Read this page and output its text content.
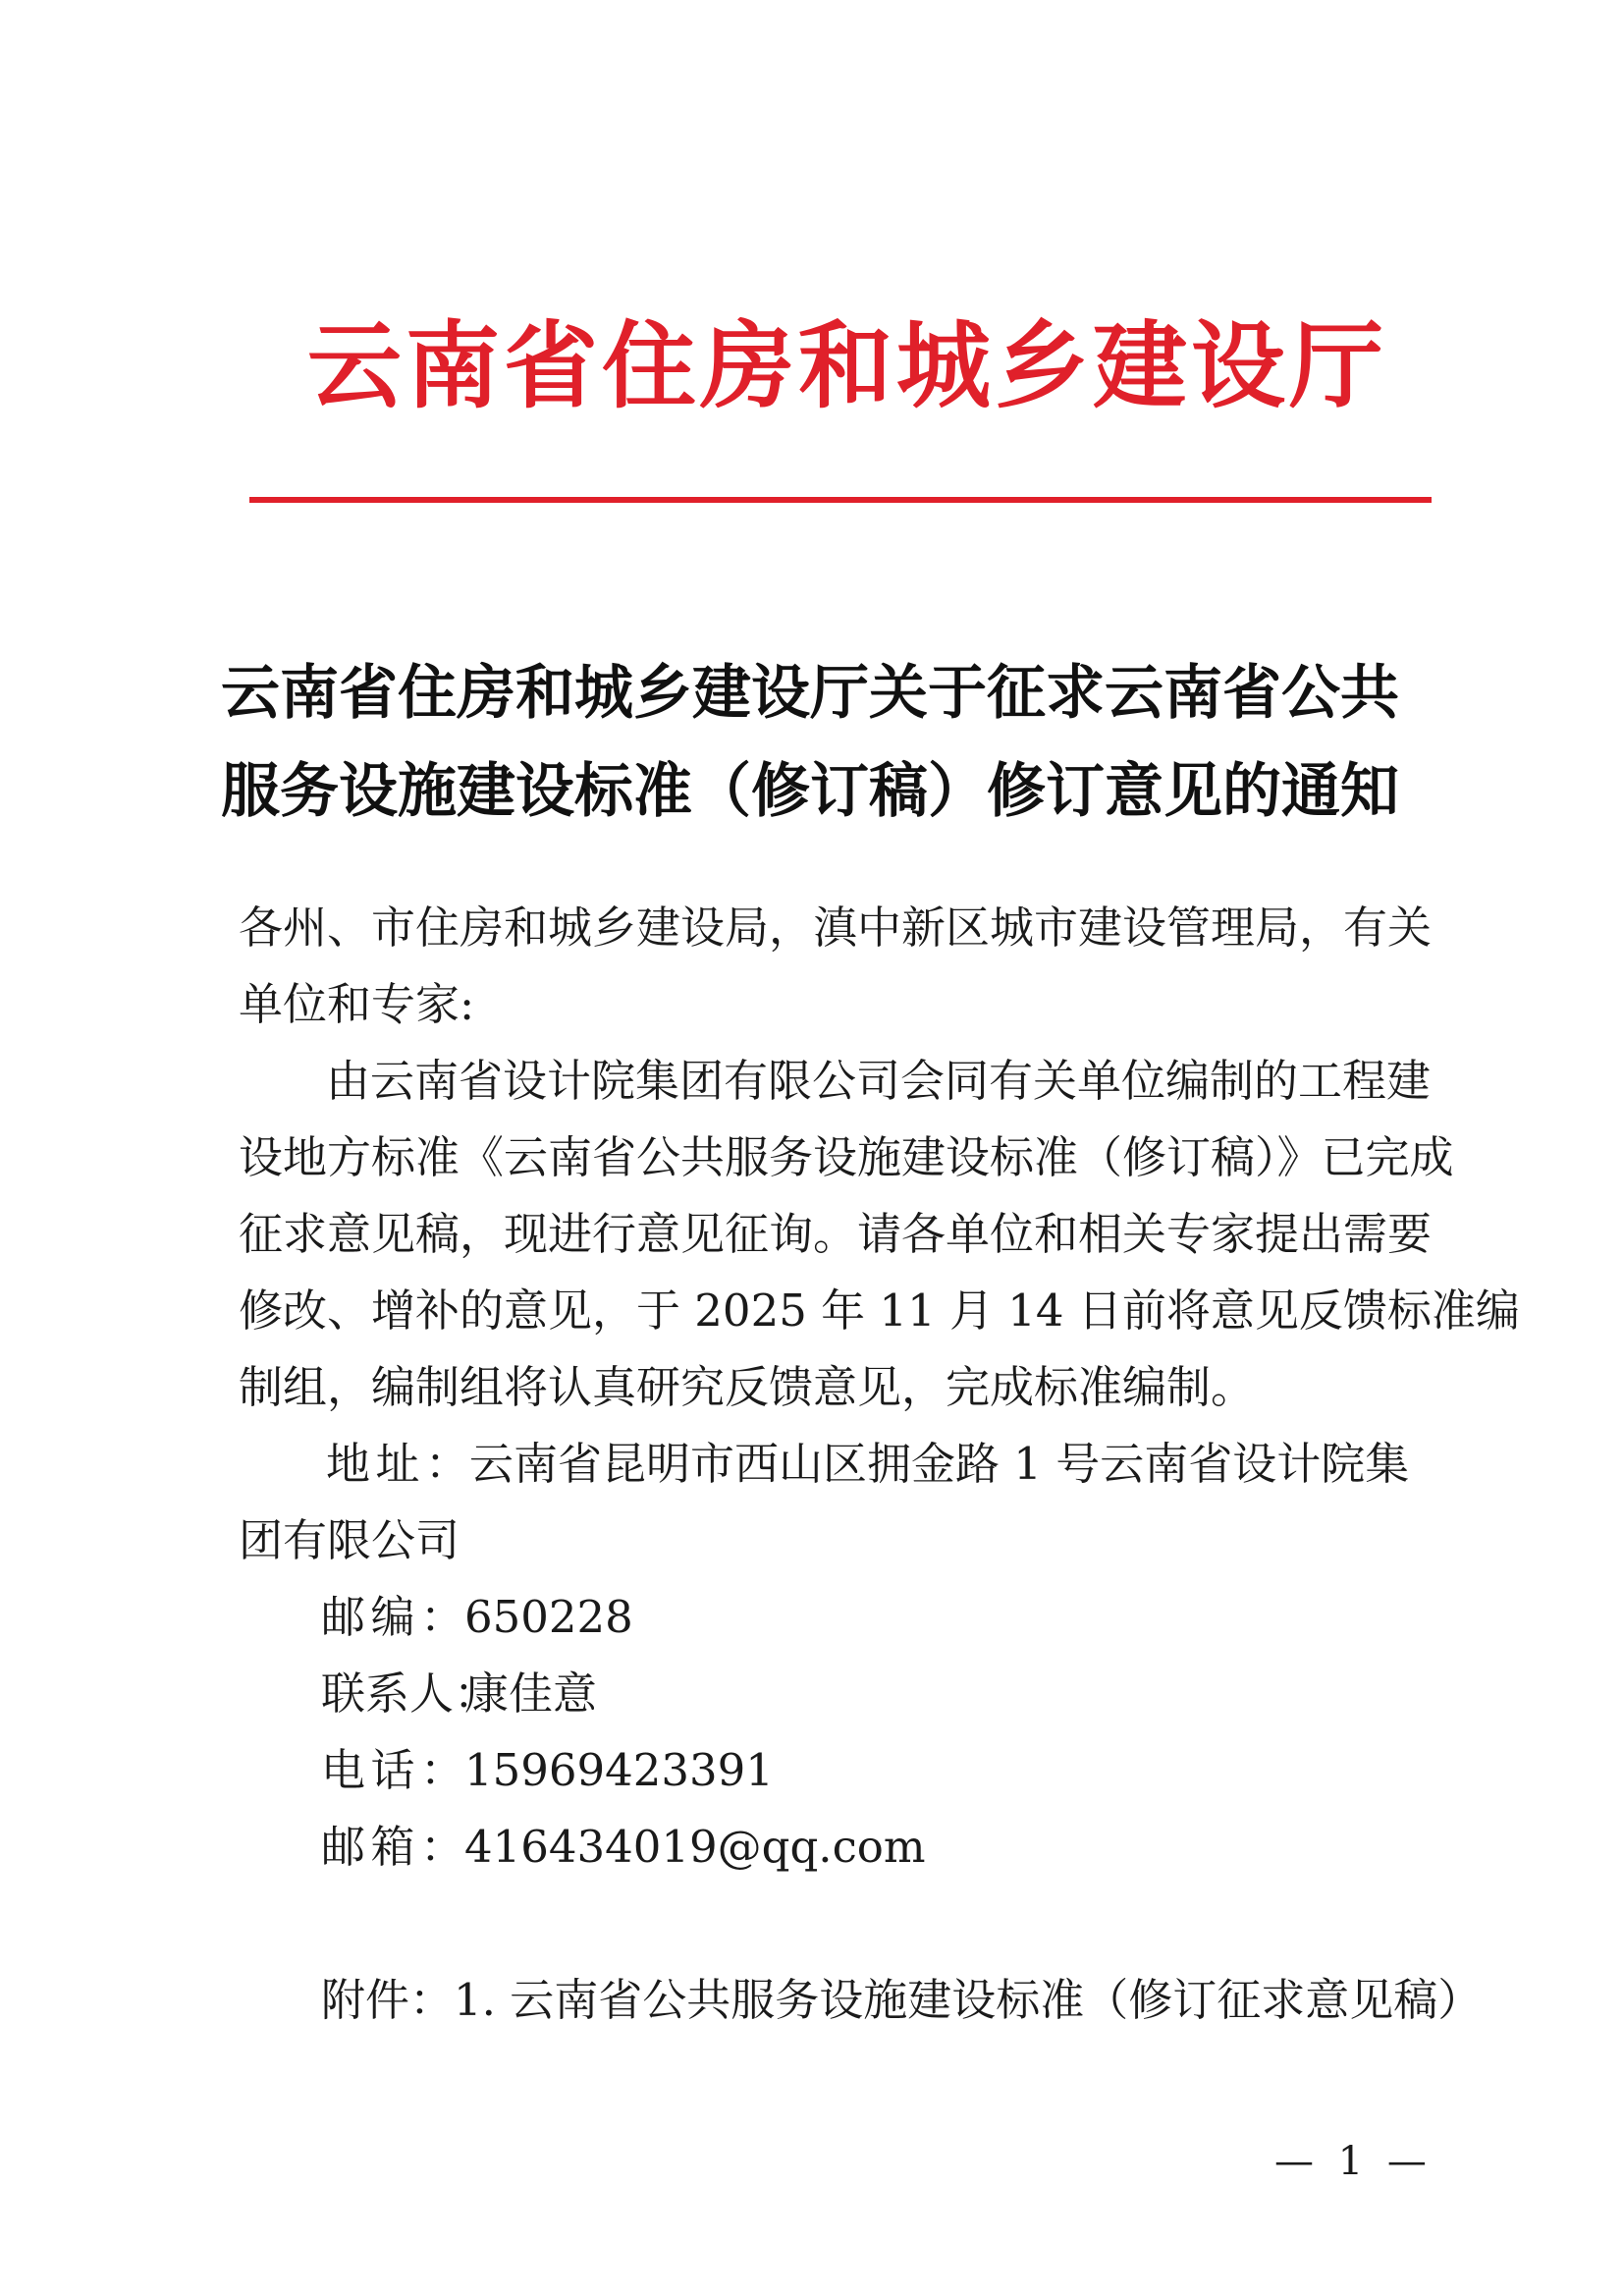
云南省住房和城乡建设厅
云南省住房和城乡建设厅关于征求云南省公共
服务设施建设标准（修订稿）修订意见的通知
各州、市住房和城乡建设局，滇中新区城市建设管理局，有关
单位和专家:
由云南省设计院集团有限公司会同有关单位编制的工程建
设地方标准《云南省公共服务设施建设标准（修订稿）》已完成
征求意见稿，现进行意见征询。请各单位和相关专家提出需要
修改、增补的意见，于 2025 年 11 月 14 日前将意见反馈标准编
制组，编制组将认真研究反馈意见，完成标准编制。
地址：云南省昆明市西山区拥金路 1 号云南省设计院集
团有限公司
邮编：650228
联系人：康佳意
电话：15969423391
邮箱：416434019@qq.com
附件：1. 云南省公共服务设施建设标准（修订征求意见稿）
— 1 —
